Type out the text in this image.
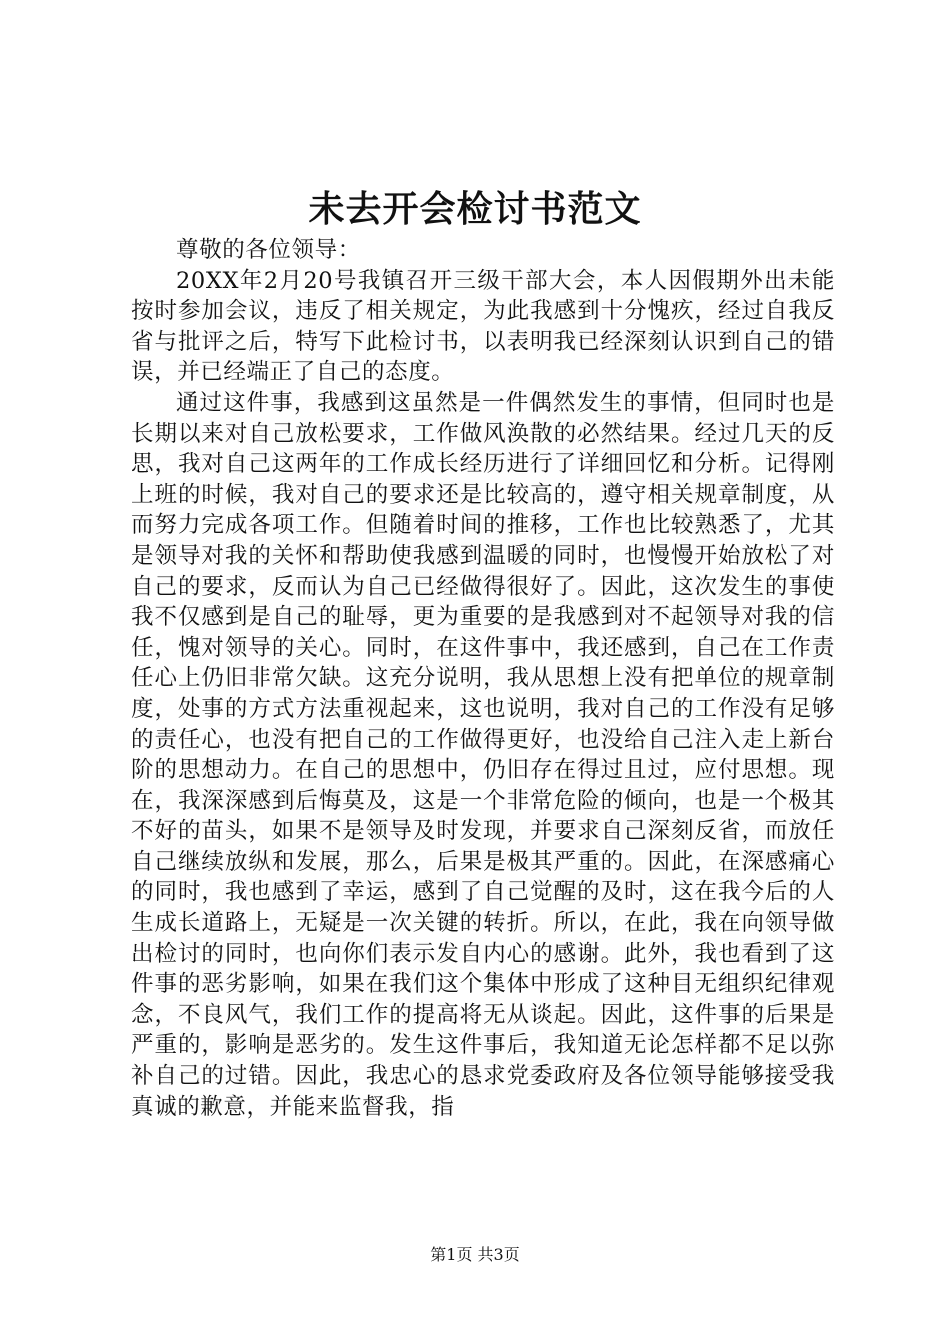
未去开会检讨书范文

尊敬的各位领导：

20XX年2月20号我镇召开三级干部大会，本人因假期外出未能按时参加会议，违反了相关规定，为此我感到十分愧疚，经过自我反省与批评之后，特写下此检讨书，以表明我已经深刻认识到自己的错误，并已经端正了自己的态度。

通过这件事，我感到这虽然是一件偶然发生的事情，但同时也是长期以来对自己放松要求，工作做风涣散的必然结果。经过几天的反思，我对自己这两年的工作成长经历进行了详细回忆和分析。记得刚上班的时候，我对自己的要求还是比较高的，遵守相关规章制度，从而努力完成各项工作。但随着时间的推移，工作也比较熟悉了，尤其是领导对我的关怀和帮助使我感到温暖的同时，也慢慢开始放松了对自己的要求，反而认为自己已经做得很好了。因此，这次发生的事使我不仅感到是自己的耻辱，更为重要的是我感到对不起领导对我的信任，愧对领导的关心。同时，在这件事中，我还感到，自己在工作责任心上仍旧非常欠缺。这充分说明，我从思想上没有把单位的规章制度，处事的方式方法重视起来，这也说明，我对自己的工作没有足够的责任心，也没有把自己的工作做得更好，也没给自己注入走上新台阶的思想动力。在自己的思想中，仍旧存在得过且过，应付思想。现在，我深深感到后悔莫及，这是一个非常危险的倾向，也是一个极其不好的苗头，如果不是领导及时发现，并要求自己深刻反省，而放任自己继续放纵和发展，那么，后果是极其严重的。因此，在深感痛心的同时，我也感到了幸运，感到了自己觉醒的及时，这在我今后的人生成长道路上，无疑是一次关键的转折。所以，在此，我在向领导做出检讨的同时，也向你们表示发自内心的感谢。此外，我也看到了这件事的恶劣影响，如果在我们这个集体中形成了这种目无组织纪律观念，不良风气，我们工作的提高将无从谈起。因此，这件事的后果是严重的，影响是恶劣的。发生这件事后，我知道无论怎样都不足以弥补自己的过错。因此，我忠心的恳求党委政府及各位领导能够接受我真诚的歉意，并能来监督我，指

第1页 共3页
